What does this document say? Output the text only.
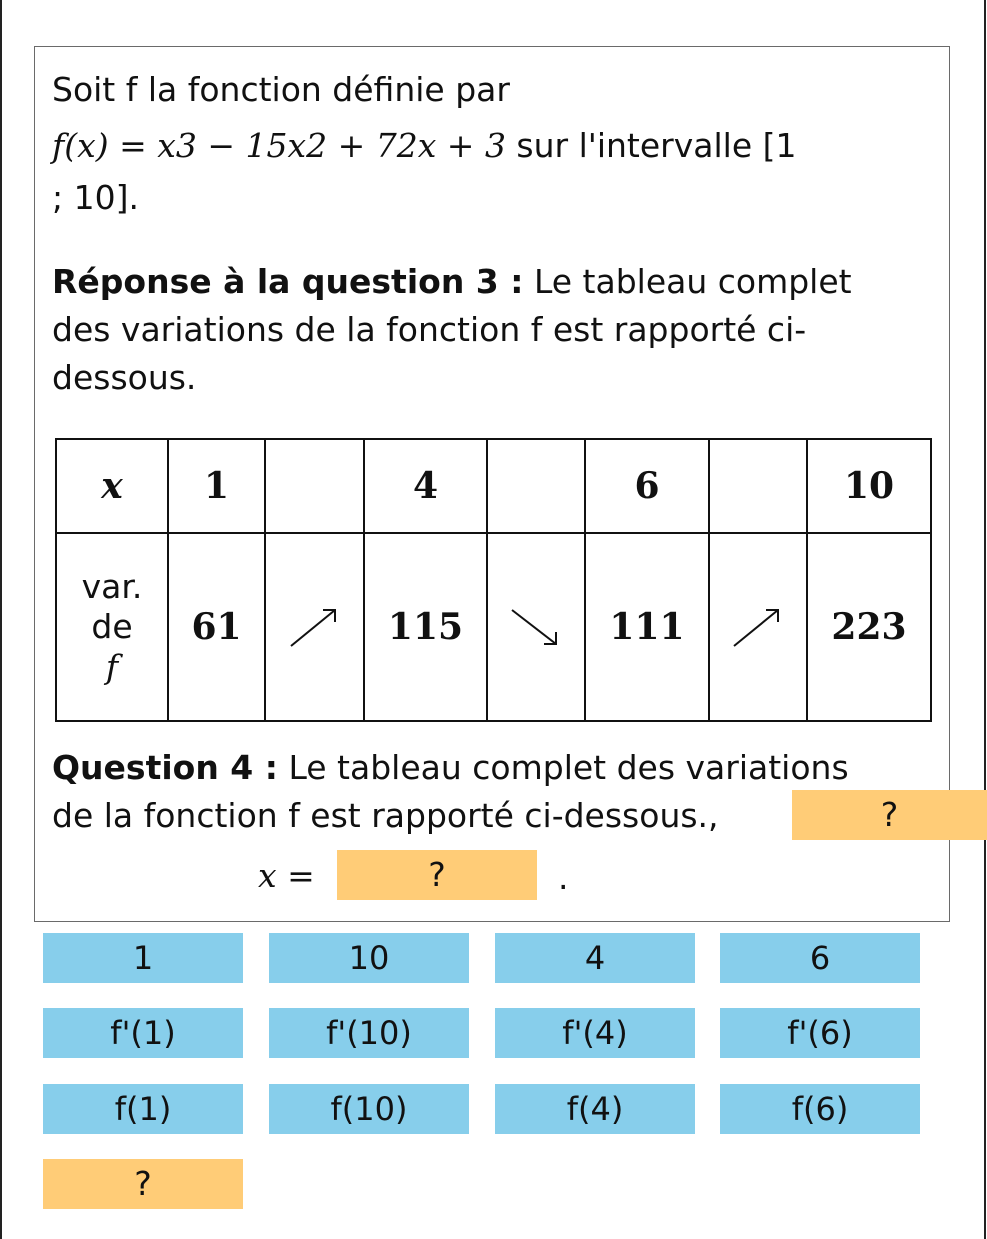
Soit f la fonction définie par
f(x) = x3 − 15x2 + 72x + 3 sur l'intervalle [1
; 10].
Réponse à la question 3 : Le tableau complet
des variations de la fonction f est rapporté ci-
dessous.
x	1		4		6		10

var.
de
f	61		115		111		223
Question 4 : Le tableau complet des variations
de la fonction f est rapporté ci-dessous.,	?
x =	?	.
1	10	4	6
f'(1)	f'(10)	f'(4)	f'(6)
f(1)	f(10)	f(4)	f(6)
?
